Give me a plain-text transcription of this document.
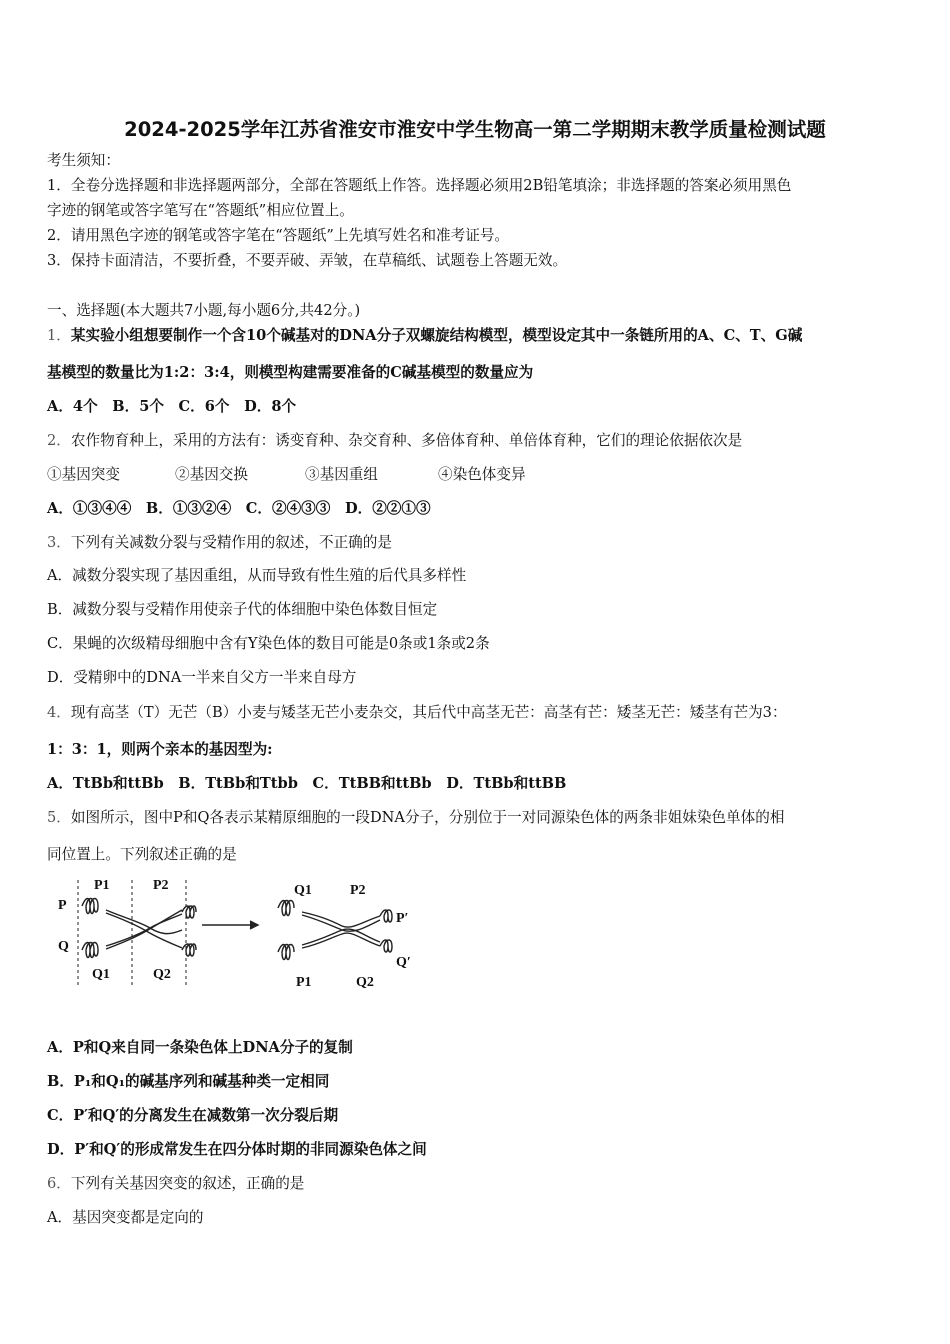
2024-2025学年江苏省淮安市淮安中学生物高一第二学期期末教学质量检测试题
考生须知：
1．全卷分选择题和非选择题两部分，全部在答题纸上作答。选择题必须用2B铅笔填涂；非选择题的答案必须用黑色
字迹的钢笔或答字笔写在“答题纸”相应位置上。
2．请用黑色字迹的钢笔或答字笔在“答题纸”上先填写姓名和准考证号。
3．保持卡面清洁，不要折叠，不要弄破、弄皱，在草稿纸、试题卷上答题无效。
一、选择题(本大题共7小题,每小题6分,共42分。)
1．某实验小组想要制作一个含10个碱基对的DNA分子双螺旋结构模型，模型设定其中一条链所用的A、C、T、G碱
基模型的数量比为1:2：3:4，则模型构建需要准备的C碱基模型的数量应为
A．4个　B．5个　C．6个　D．8个
2．农作物育种上，采用的方法有：诱变育种、杂交育种、多倍体育种、单倍体育种，它们的理论依据依次是
①基因突变	②基因交换	③基因重组	④染色体变异
A．①③④④　B．①③②④　C．②④③③　D．②②①③
3．下列有关减数分裂与受精作用的叙述，不正确的是
A．减数分裂实现了基因重组，从而导致有性生殖的后代具多样性
B．减数分裂与受精作用使亲子代的体细胞中染色体数目恒定
C．果蝇的次级精母细胞中含有Y染色体的数目可能是0条或1条或2条
D．受精卵中的DNA一半来自父方一半来自母方
4．现有高茎（T）无芒（B）小麦与矮茎无芒小麦杂交，其后代中高茎无芒：高茎有芒：矮茎无芒：矮茎有芒为3：
1：3：1，则两个亲本的基因型为:
A．TtBb和ttBb　B．TtBb和Ttbb　C．TtBB和ttBb　D．TtBb和ttBB
5．如图所示，图中P和Q各表示某精原细胞的一段DNA分子，分别位于一对同源染色体的两条非姐妹染色单体的相
同位置上。下列叙述正确的是
P
Q
P1	P2
Q1	Q2
Q1	P2
P′
Q′
P1	Q2
A．P和Q来自同一条染色体上DNA分子的复制
B．P₁和Q₁的碱基序列和碱基种类一定相同
C．P′和Q′的分离发生在减数第一次分裂后期
D．P′和Q′的形成常发生在四分体时期的非同源染色体之间
6．下列有关基因突变的叙述，正确的是
A．基因突变都是定向的
